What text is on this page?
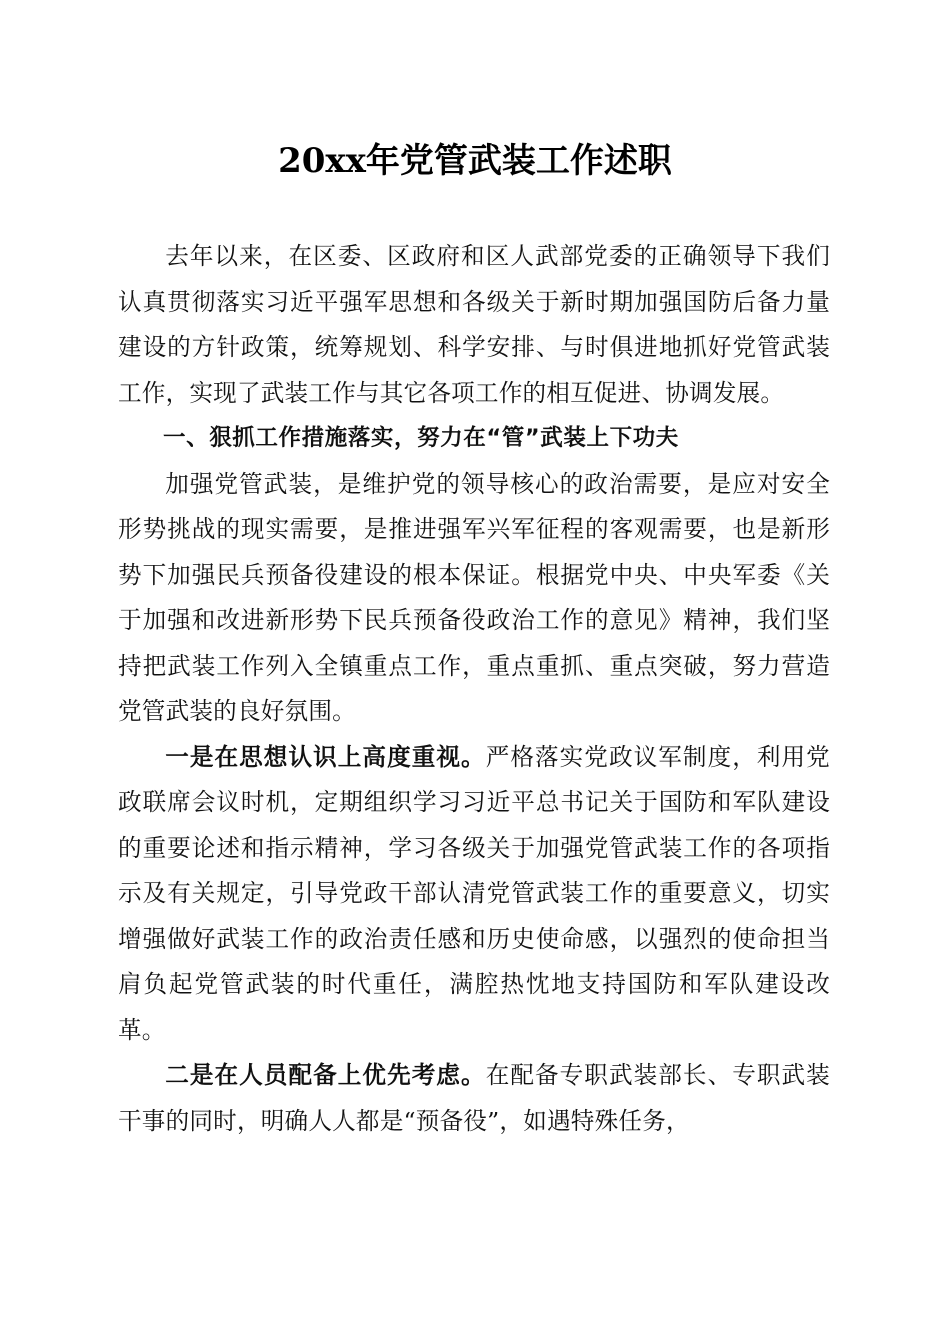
20xx年党管武装工作述职

去年以来，在区委、区政府和区人武部党委的正确领导下我们认真贯彻落实习近平强军思想和各级关于新时期加强国防后备力量建设的方针政策，统筹规划、科学安排、与时俱进地抓好党管武装工作，实现了武装工作与其它各项工作的相互促进、协调发展。

一、狠抓工作措施落实，努力在“管”武装上下功夫

加强党管武装，是维护党的领导核心的政治需要，是应对安全形势挑战的现实需要，是推进强军兴军征程的客观需要，也是新形势下加强民兵预备役建设的根本保证。根据党中央、中央军委《关于加强和改进新形势下民兵预备役政治工作的意见》精神，我们坚持把武装工作列入全镇重点工作，重点重抓、重点突破，努力营造党管武装的良好氛围。

一是在思想认识上高度重视。严格落实党政议军制度，利用党政联席会议时机，定期组织学习习近平总书记关于国防和军队建设的重要论述和指示精神，学习各级关于加强党管武装工作的各项指示及有关规定，引导党政干部认清党管武装工作的重要意义，切实增强做好武装工作的政治责任感和历史使命感，以强烈的使命担当肩负起党管武装的时代重任，满腔热忱地支持国防和军队建设改革。

二是在人员配备上优先考虑。在配备专职武装部长、专职武装干事的同时，明确人人都是“预备役”，如遇特殊任务，
